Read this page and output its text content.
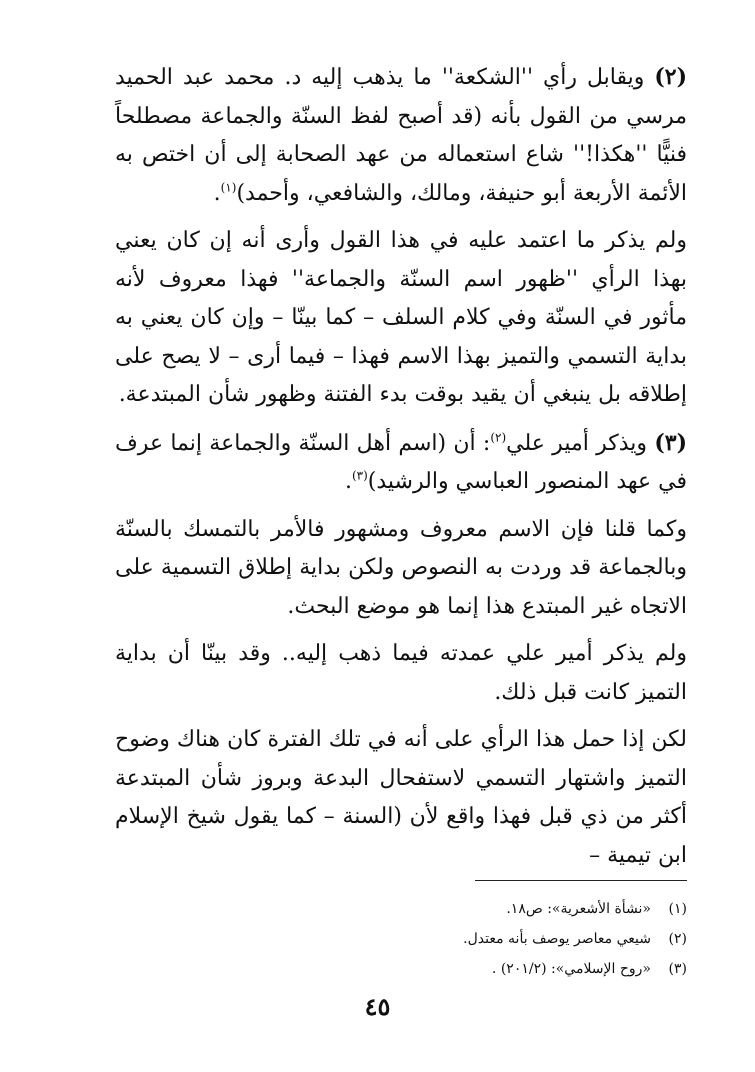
(٢) ويقابل رأي ''الشكعة'' ما يذهب إليه د. محمد عبد الحميد مرسي من القول بأنه (قد أصبح لفظ السنّة والجماعة مصطلحاً فنيًّا ''هكذا!'' شاع استعماله من عهد الصحابة إلى أن اختص به الأئمة الأربعة أبو حنيفة، ومالك، والشافعي، وأحمد)$^{(١)}$.

ولم يذكر ما اعتمد عليه في هذا القول وأرى أنه إن كان يعني بهذا الرأي ''ظهور اسم السنّة والجماعة'' فهذا معروف لأنه مأثور في السنّة وفي كلام السلف – كما بينّا – وإن كان يعني به بداية التسمي والتميز بهذا الاسم فهذا – فيما أرى – لا يصح على إطلاقه بل ينبغي أن يقيد بوقت بدء الفتنة وظهور شأن المبتدعة.

(٣) ويذكر أمير علي$^{(٢)}$: أن (اسم أهل السنّة والجماعة إنما عرف في عهد المنصور العباسي والرشيد)$^{(٣)}$.

وكما قلنا فإن الاسم معروف ومشهور فالأمر بالتمسك بالسنّة وبالجماعة قد وردت به النصوص ولكن بداية إطلاق التسمية على الاتجاه غير المبتدع هذا إنما هو موضع البحث.

ولم يذكر أمير علي عمدته فيما ذهب إليه.. وقد بينّا أن بداية التميز كانت قبل ذلك.

لكن إذا حمل هذا الرأي على أنه في تلك الفترة كان هناك وضوح التميز واشتهار التسمي لاستفحال البدعة وبروز شأن المبتدعة أكثر من ذي قبل فهذا واقع لأن (السنة – كما يقول شيخ الإسلام ابن تيمية –

(١)«نشأة الأشعرية»: ص١٨.
(٢)شيعي معاصر يوصف بأنه معتدل.
(٣)«روح الإسلامي»: (٢٠١/٢) .
٤٥
